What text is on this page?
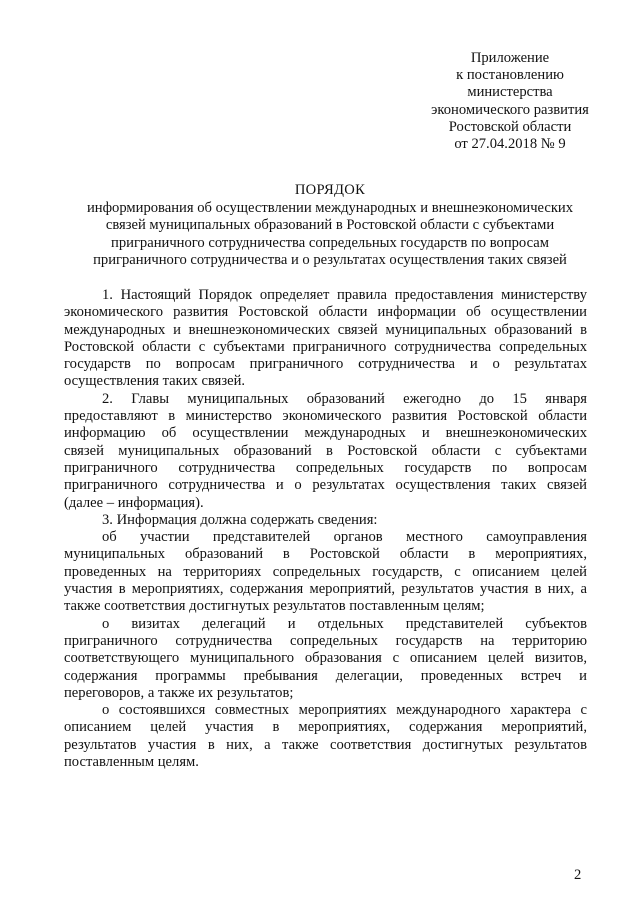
Приложение
к постановлению
министерства
экономического развития
Ростовской области
от 27.04.2018 № 9
ПОРЯДОК
информирования об осуществлении международных и внешнеэкономических
связей муниципальных образований в Ростовской области с субъектами
приграничного сотрудничества сопредельных государств по вопросам
приграничного сотрудничества и о результатах осуществления таких связей
1. Настоящий Порядок определяет правила предоставления министерству
экономического развития Ростовской области информации об осуществлении
международных и внешнеэкономических связей муниципальных образований в
Ростовской области с субъектами приграничного сотрудничества сопредельных
государств по вопросам приграничного сотрудничества и о результатах
осуществления таких связей.
2. Главы муниципальных образований ежегодно до 15 января
предоставляют в министерство экономического развития Ростовской области
информацию об осуществлении международных и внешнеэкономических
связей муниципальных образований в Ростовской области с субъектами
приграничного сотрудничества сопредельных государств по вопросам
приграничного сотрудничества и о результатах осуществления таких связей
(далее – информация).
3. Информация должна содержать сведения:
об участии представителей органов местного самоуправления
муниципальных образований в Ростовской области в мероприятиях,
проведенных на территориях сопредельных государств, с описанием целей
участия в мероприятиях, содержания мероприятий, результатов участия в них, а
также соответствия достигнутых результатов поставленным целям;
о визитах делегаций и отдельных представителей субъектов
приграничного сотрудничества сопредельных государств на территорию
соответствующего муниципального образования с описанием целей визитов,
содержания программы пребывания делегации, проведенных встреч и
переговоров, а также их результатов;
о состоявшихся совместных мероприятиях международного характера с
описанием целей участия в мероприятиях, содержания мероприятий,
результатов участия в них, а также соответствия достигнутых результатов
поставленным целям.
2
